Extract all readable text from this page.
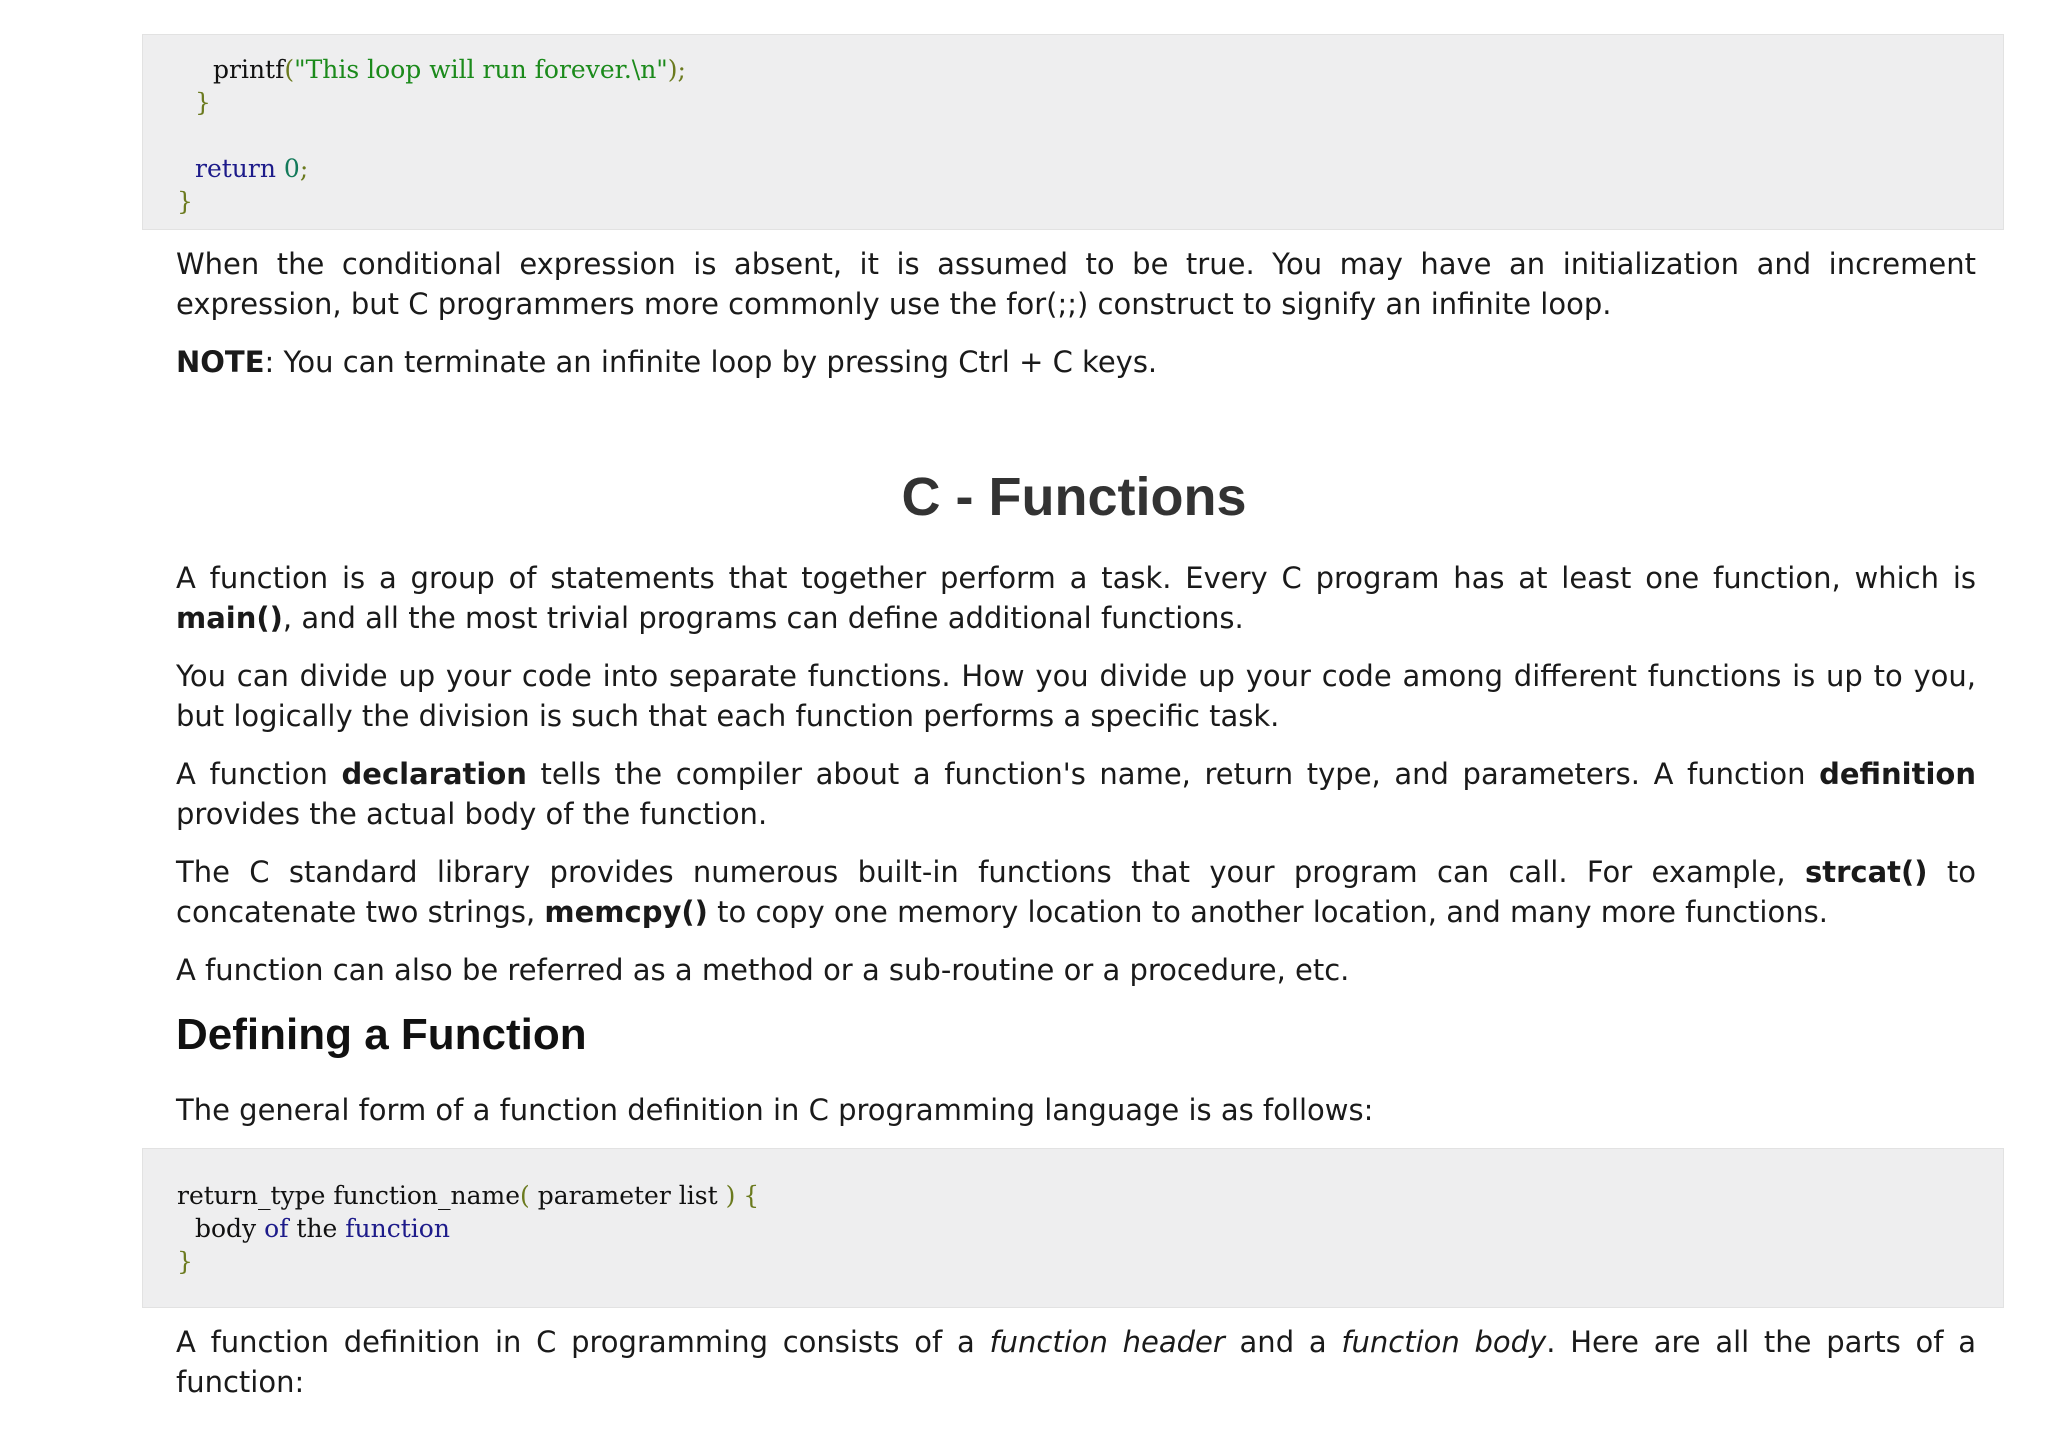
printf("This loop will run forever.\n");
}
return 0;
}

When the conditional expression is absent, it is assumed to be true. You may have an initialization and increment expression, but C programmers more commonly use the for(;;) construct to signify an infinite loop.

NOTE: You can terminate an infinite loop by pressing Ctrl + C keys.

C - Functions

A function is a group of statements that together perform a task. Every C program has at least one function, which is main(), and all the most trivial programs can define additional functions.

You can divide up your code into separate functions. How you divide up your code among different functions is up to you, but logically the division is such that each function performs a specific task.

A function declaration tells the compiler about a function's name, return type, and parameters. A function definition provides the actual body of the function.

The C standard library provides numerous built-in functions that your program can call. For example, strcat() to concatenate two strings, memcpy() to copy one memory location to another location, and many more functions.

A function can also be referred as a method or a sub-routine or a procedure, etc.

Defining a Function

The general form of a function definition in C programming language is as follows:

return_type function_name( parameter list ) {
body of the function
}

A function definition in C programming consists of a function header and a function body. Here are all the parts of a function:
